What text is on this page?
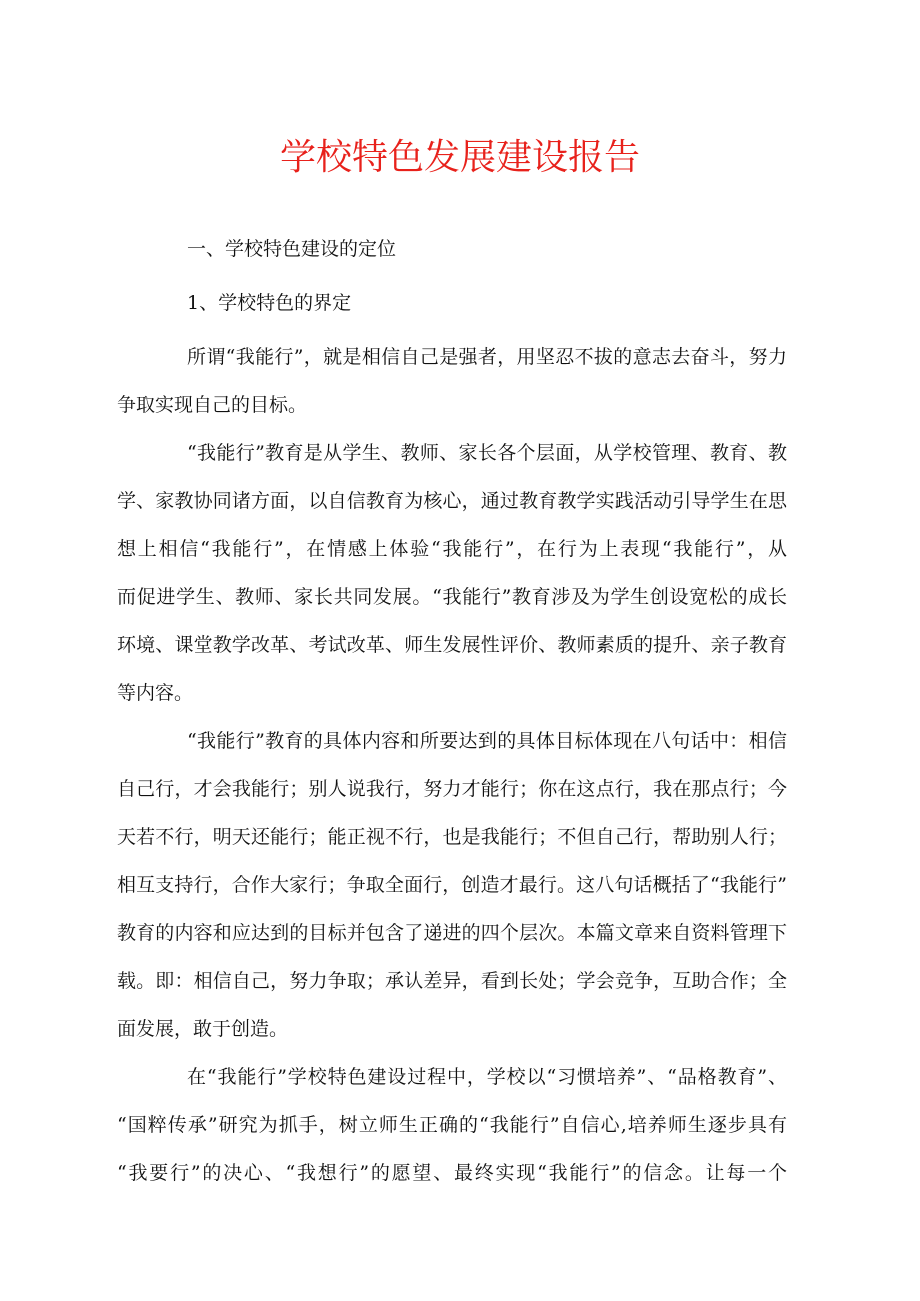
学校特色发展建设报告

一、学校特色建设的定位

1、学校特色的界定

所谓“我能行”，就是相信自己是强者，用坚忍不拔的意志去奋斗，努力
争取实现自己的目标。
“我能行”教育是从学生、教师、家长各个层面，从学校管理、教育、教
学、家教协同诸方面，以自信教育为核心，通过教育教学实践活动引导学生在思
想上相信“我能行”，在情感上体验“我能行”，在行为上表现“我能行”，从
而促进学生、教师、家长共同发展。“我能行”教育涉及为学生创设宽松的成长
环境、课堂教学改革、考试改革、师生发展性评价、教师素质的提升、亲子教育
等内容。
“我能行”教育的具体内容和所要达到的具体目标体现在八句话中：相信
自己行，才会我能行；别人说我行，努力才能行；你在这点行，我在那点行；今
天若不行，明天还能行；能正视不行，也是我能行；不但自己行，帮助别人行；
相互支持行，合作大家行；争取全面行，创造才最行。这八句话概括了“我能行”
教育的内容和应达到的目标并包含了递进的四个层次。本篇文章来自资料管理下
载。即：相信自己，努力争取；承认差异，看到长处；学会竞争，互助合作；全
面发展，敢于创造。
在“我能行”学校特色建设过程中，学校以“习惯培养”、“品格教育”、
“国粹传承”研究为抓手，树立师生正确的“我能行”自信心,培养师生逐步具有
“我要行”的决心、“我想行”的愿望、最终实现“我能行”的信念。让每一个
